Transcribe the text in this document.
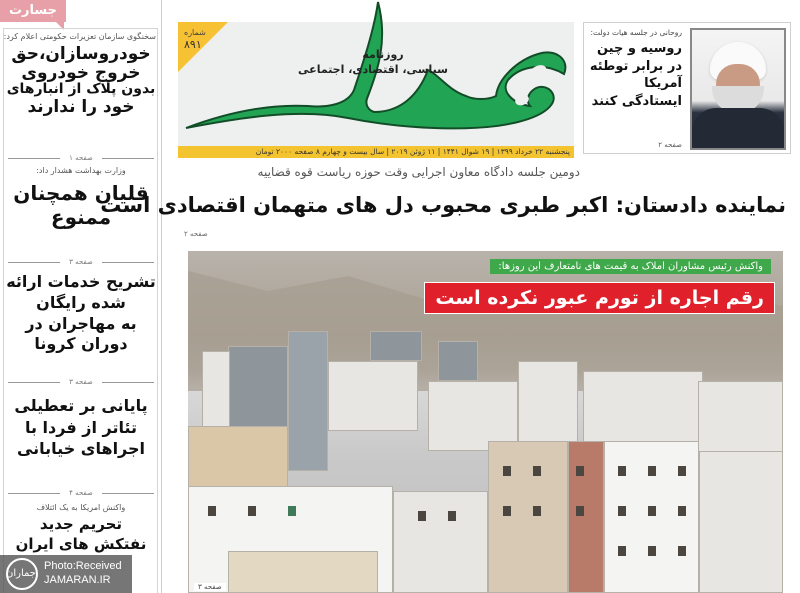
جسارت
سخنگوی سازمان تعزیرات حکومتی اعلام کرد:
خودروسازان،حق
خروج خودروی
بدون پلاک از انبارهای
خود را ندارند
صفحه ۱
وزارت بهداشت هشدار داد:
قلیان همچنان
ممنوع
صفحه ۳
تشریح خدمات ارائه
شده رایگان
به مهاجران در
دوران کرونا
صفحه ۳
پایانی بر تعطیلی
تئاتر از فردا با
اجراهای خیابانی
صفحه ۴
واکنش امریکا به یک ائتلاف
تحریم جدید
نفتکش های ایران
جماران
Photo:Received
JAMARAN.IR
شماره
۸۹۱
روزنامه
سیاسی، اقتصادی، اجتماعی
پنجشنبه ۲۲ خرداد ۱۳۹۹ | ۱۹ شوال ۱۴۴۱ | ۱۱ ژوئن ۲۰۱۹ | سال بیست و چهارم ۸ صفحه ۲۰۰۰ تومان
روحانی در جلسه هیات دولت:
روسیه و چین در برابر توطئه آمریکا ایستادگی کنند
صفحه ۲
دومین جلسه دادگاه معاون اجرایی وقت حوزه ریاست قوه قضاییه
نماینده دادستان: اکبر طبری محبوب دل های متهمان اقتصادی است
صفحه ۲
واکنش رئیس مشاوران املاک به قیمت های نامتعارف این روزها:
رقم اجاره از تورم عبور نکرده است
صفحه ۳
